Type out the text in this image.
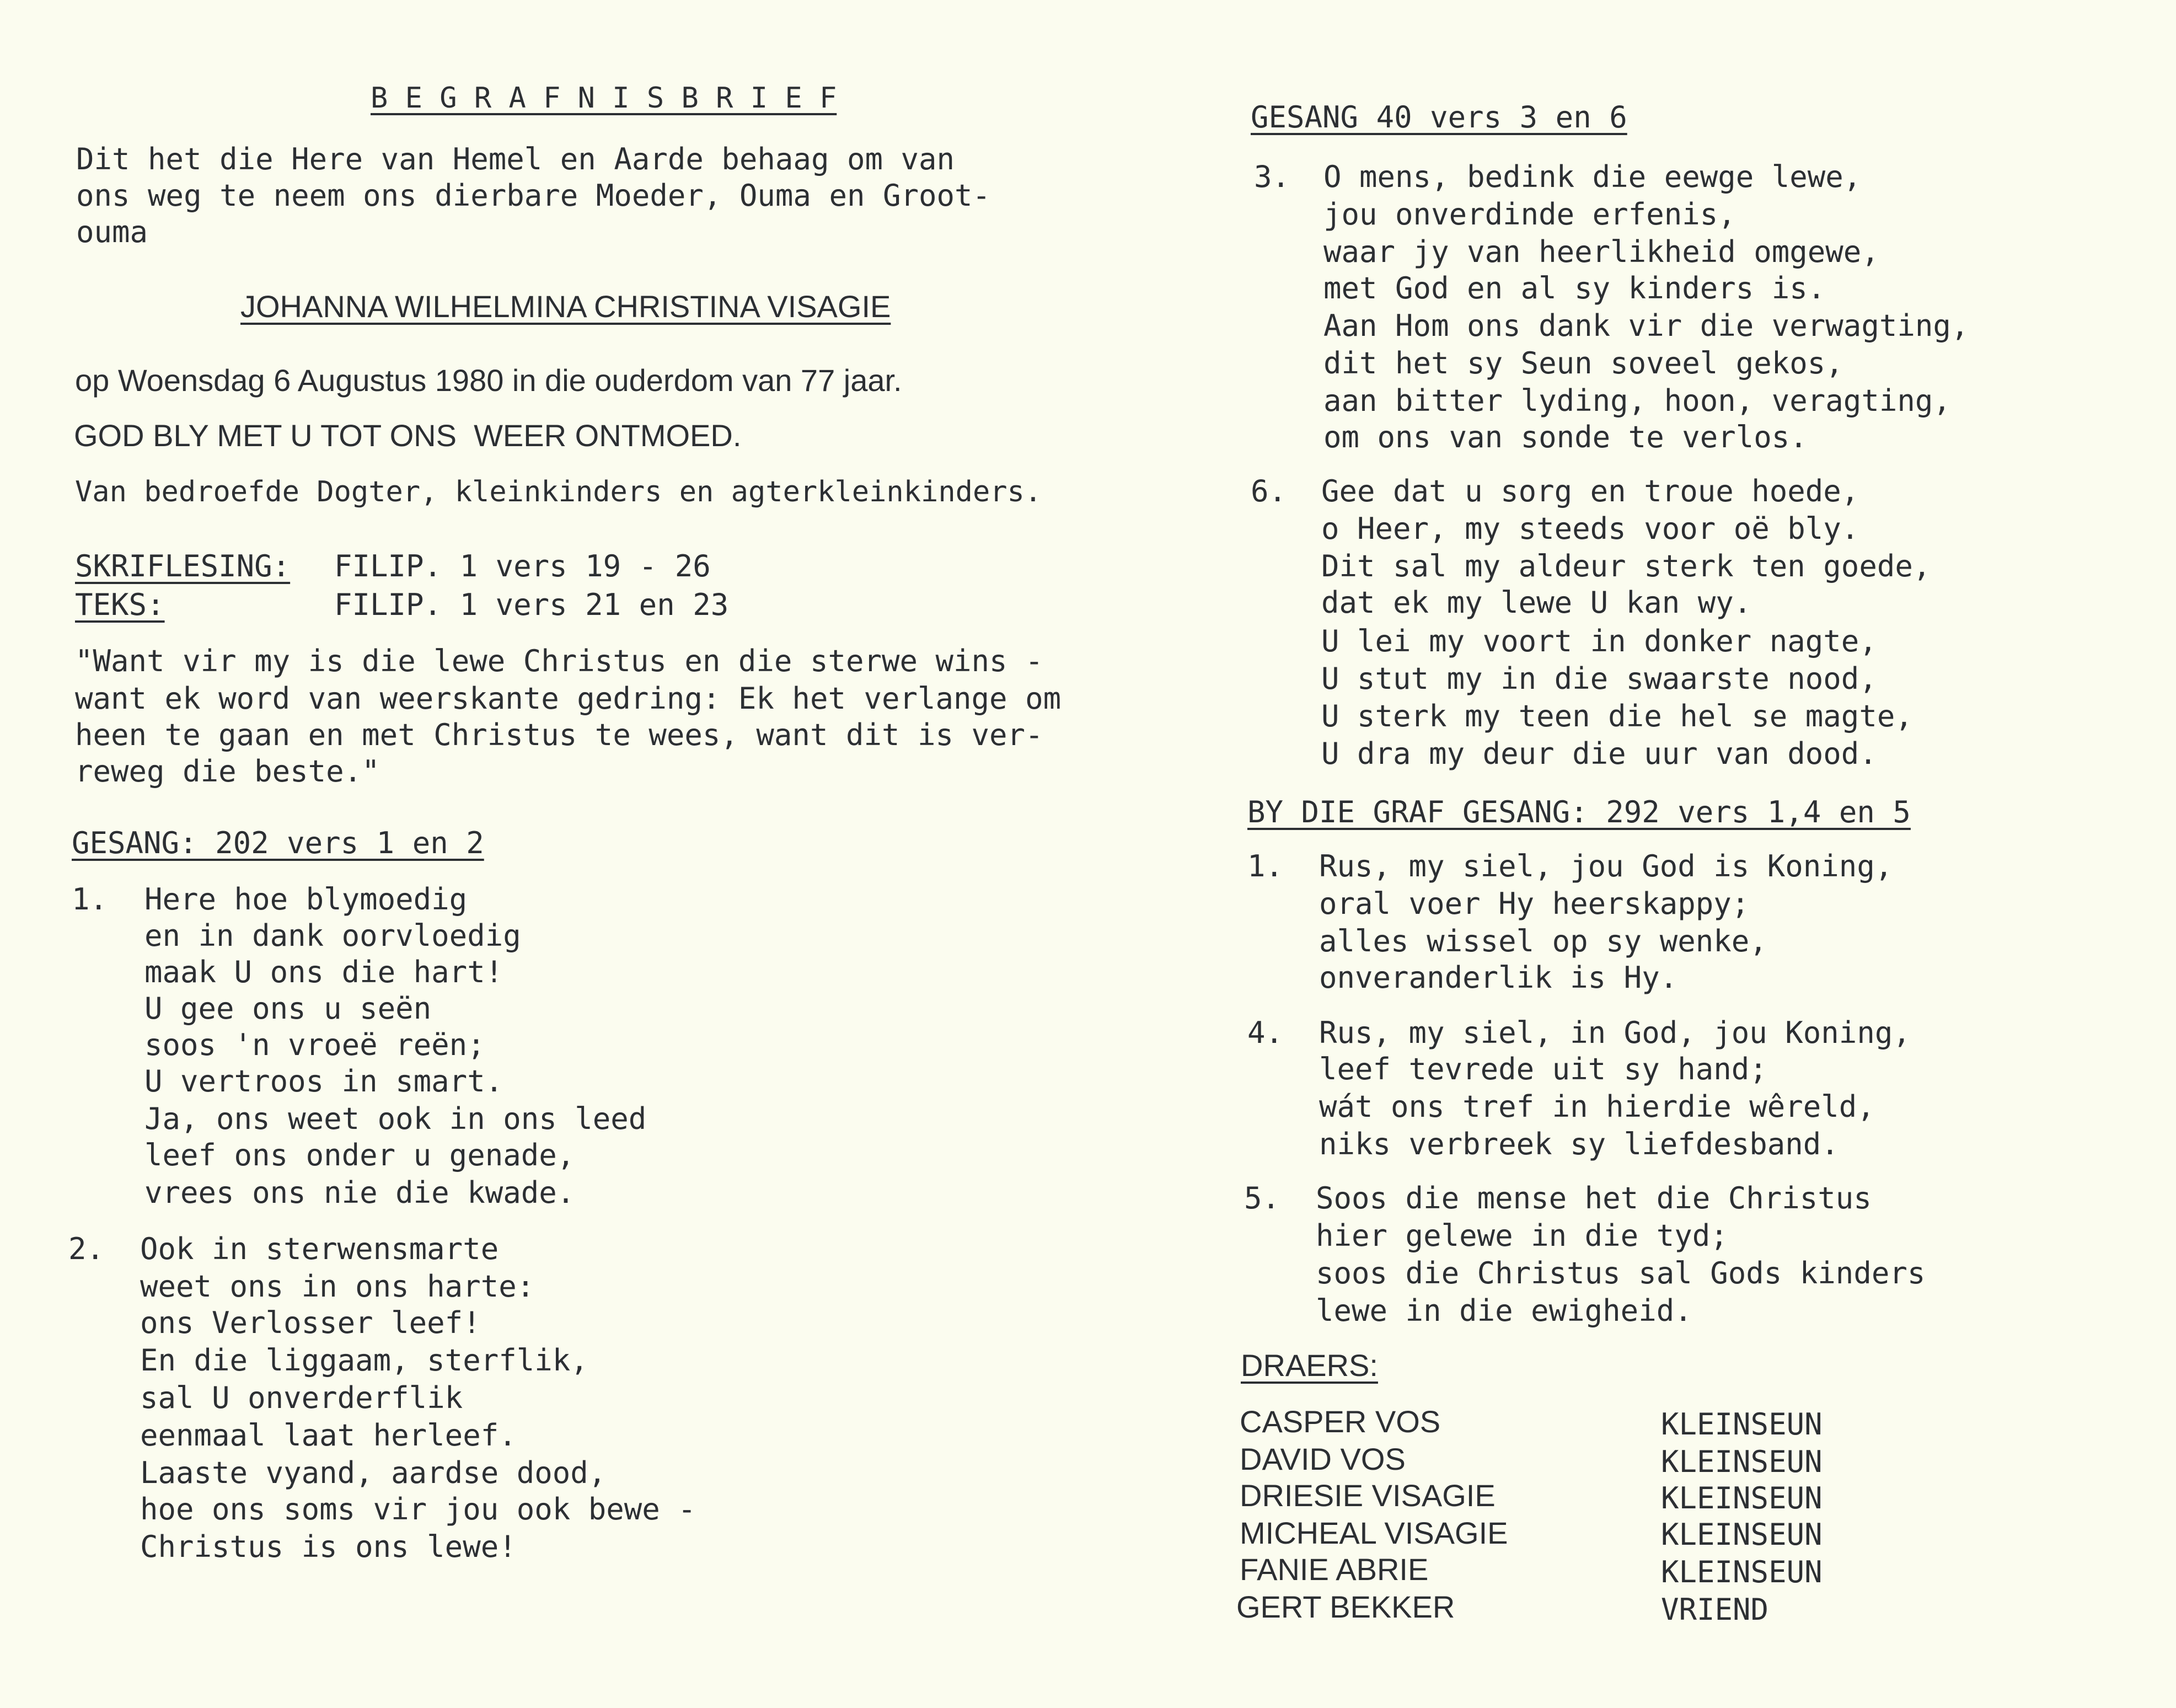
B E G R A F N I S B R I E F
Dit het die Here van Hemel en Aarde behaag om van
ons weg te neem ons dierbare Moeder, Ouma en Groot-
ouma
JOHANNA WILHELMINA CHRISTINA VISAGIE
op Woensdag 6 Augustus 1980 in die ouderdom van 77 jaar.
GOD BLY MET U TOT ONS  WEER ONTMOED.
Van bedroefde Dogter, kleinkinders en agterkleinkinders.
SKRIFLESING: FILIP. 1 vers 19 - 26
TEKS:	FILIP. 1 vers 21 en 23
"Want vir my is die lewe Christus en die sterwe wins -
want ek word van weerskante gedring: Ek het verlange om
heen te gaan en met Christus te wees, want dit is ver-
reweg die beste."
GESANG: 202 vers 1 en 2
1. Here hoe blymoedig
en in dank oorvloedig
maak U ons die hart!
U gee ons u seën
soos 'n vroeë reën;
U vertroos in smart.
Ja, ons weet ook in ons leed
leef ons onder u genade,
vrees ons nie die kwade.
2. Ook in sterwensmarte
weet ons in ons harte:
ons Verlosser leef!
En die liggaam, sterflik,
sal U onverderflik
eenmaal laat herleef.
Laaste vyand, aardse dood,
hoe ons soms vir jou ook bewe -
Christus is ons lewe!
GESANG 40 vers 3 en 6
3. O mens, bedink die eewge lewe,
jou onverdinde erfenis,
waar jy van heerlikheid omgewe,
met God en al sy kinders is.
Aan Hom ons dank vir die verwagting,
dit het sy Seun soveel gekos,
aan bitter lyding, hoon, veragting,
om ons van sonde te verlos.
6. Gee dat u sorg en troue hoede,
o Heer, my steeds voor oë bly.
Dit sal my aldeur sterk ten goede,
dat ek my lewe U kan wy.
U lei my voort in donker nagte,
U stut my in die swaarste nood,
U sterk my teen die hel se magte,
U dra my deur die uur van dood.
BY DIE GRAF GESANG: 292 vers 1,4 en 5
1. Rus, my siel, jou God is Koning,
oral voer Hy heerskappy;
alles wissel op sy wenke,
onveranderlik is Hy.
4. Rus, my siel, in God, jou Koning,
leef tevrede uit sy hand;
wát ons tref in hierdie wêreld,
niks verbreek sy liefdesband.
5. Soos die mense het die Christus
hier gelewe in die tyd;
soos die Christus sal Gods kinders
lewe in die ewigheid.
DRAERS:
CASPER VOS	KLEINSEUN
DAVID VOS	KLEINSEUN
DRIESIE VISAGIE	KLEINSEUN
MICHEAL VISAGIE	KLEINSEUN
FANIE ABRIE	KLEINSEUN
GERT BEKKER	VRIEND
